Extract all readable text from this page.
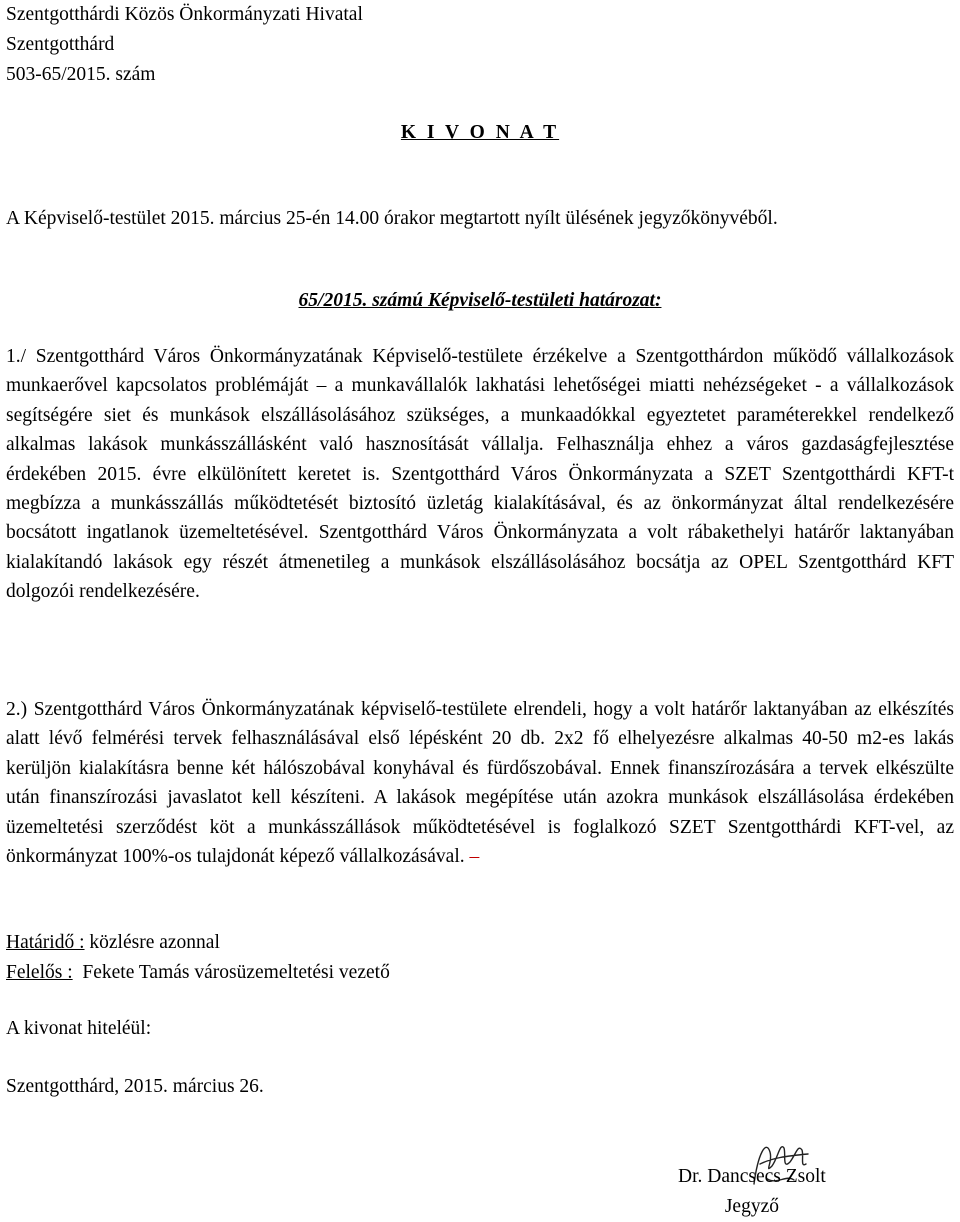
Szentgotthárdi Közös Önkormányzati Hivatal
Szentgotthárd
503-65/2015. szám
K I V O N A T
A Képviselő-testület 2015. március 25-én 14.00 órakor megtartott nyílt ülésének jegyzőkönyvéből.
65/2015. számú Képviselő-testületi határozat:
1./ Szentgotthárd Város Önkormányzatának Képviselő-testülete érzékelve a Szentgotthárdon működő vállalkozások munkaerővel kapcsolatos problémáját – a munkavállalók lakhatási lehetőségei miatti nehézségeket - a vállalkozások segítségére siet és munkások elszállásolásához szükséges, a munkaadókkal egyeztetet paraméterekkel rendelkező alkalmas lakások munkásszállásként való hasznosítását vállalja. Felhasználja ehhez a város gazdaságfejlesztése érdekében 2015. évre elkülönített keretet is. Szentgotthárd Város Önkormányzata a SZET Szentgotthárdi KFT-t megbízza a munkásszállás működtetését biztosító üzletág kialakításával, és az önkormányzat által rendelkezésére bocsátott ingatlanok üzemeltetésével. Szentgotthárd Város Önkormányzata a volt rábakethelyi határőr laktanyában kialakítandó lakások egy részét átmenetileg a munkások elszállásolásához bocsátja az OPEL Szentgotthárd KFT dolgozói rendelkezésére.
2.) Szentgotthárd Város Önkormányzatának képviselő-testülete elrendeli, hogy a volt határőr laktanyában az elkészítés alatt lévő felmérési tervek felhasználásával első lépésként 20 db. 2x2 fő elhelyezésre alkalmas 40-50 m2-es lakás kerüljön kialakításra benne két hálószobával konyhával és fürdőszobával. Ennek finanszírozására a tervek elkészülte után finanszírozási javaslatot kell készíteni. A lakások megépítése után azokra munkások elszállásolása érdekében üzemeltetési szerződést köt a munkásszállások működtetésével is foglalkozó SZET Szentgotthárdi KFT-vel, az önkormányzat 100%-os tulajdonát képező vállalkozásával. –
Határidő : közlésre azonnal
Felelős : Fekete Tamás városüzemeltetési vezető
A kivonat hiteléül:
Szentgotthárd, 2015. március 26.
Dr. Dancsecs Zsolt
Jegyző
